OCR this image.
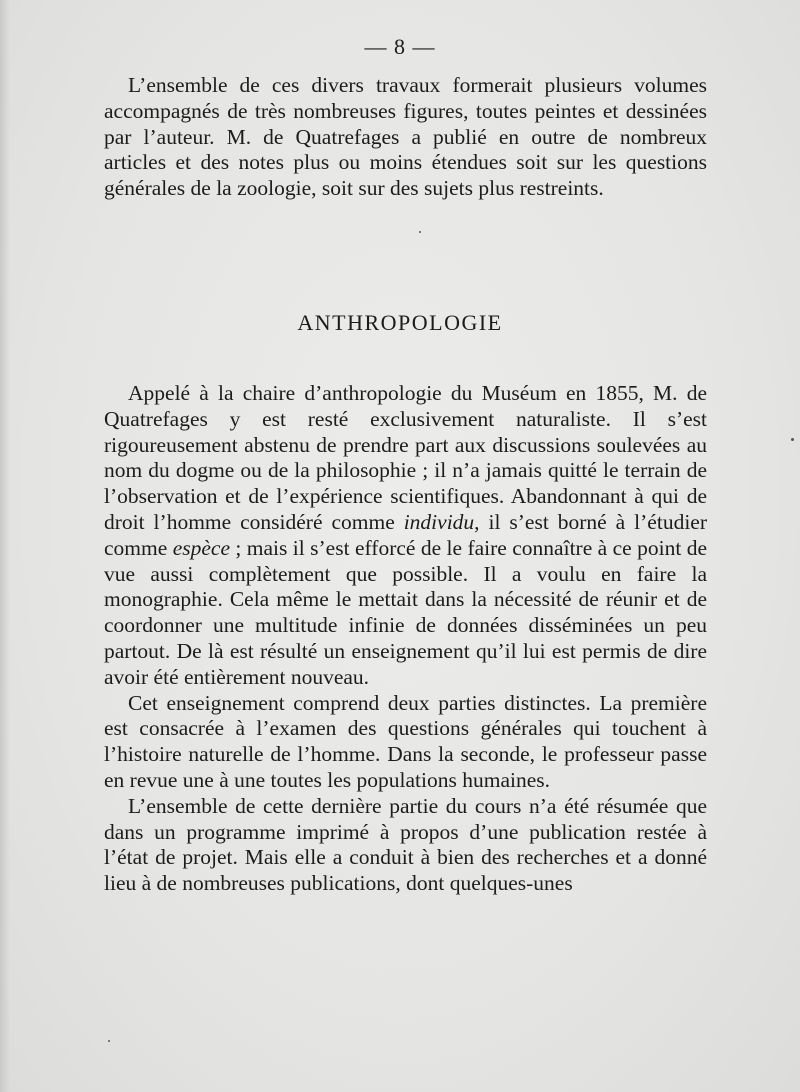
— 8 —

L’ensemble de ces divers travaux formerait plusieurs volumes accompagnés de très nombreuses figures, toutes peintes et dessinées par l’auteur. M. de Quatrefages a publié en outre de nombreux articles et des notes plus ou moins étendues soit sur les questions générales de la zoologie, soit sur des sujets plus restreints.

ANTHROPOLOGIE

Appelé à la chaire d’anthropologie du Muséum en 1855, M. de Quatrefages y est resté exclusivement naturaliste. Il s’est rigoureusement abstenu de prendre part aux discussions soulevées au nom du dogme ou de la philosophie ; il n’a jamais quitté le terrain de l’observation et de l’expérience scientifiques. Abandonnant à qui de droit l’homme considéré comme individu, il s’est borné à l’étudier comme espèce ; mais il s’est efforcé de le faire connaître à ce point de vue aussi complètement que possible. Il a voulu en faire la monographie. Cela même le mettait dans la nécessité de réunir et de coordonner une multitude infinie de données disséminées un peu partout. De là est résulté un enseignement qu’il lui est permis de dire avoir été entièrement nouveau.

Cet enseignement comprend deux parties distinctes. La première est consacrée à l’examen des questions générales qui touchent à l’histoire naturelle de l’homme. Dans la seconde, le professeur passe en revue une à une toutes les populations humaines.

L’ensemble de cette dernière partie du cours n’a été résumée que dans un programme imprimé à propos d’une publication restée à l’état de projet. Mais elle a conduit à bien des recherches et a donné lieu à de nombreuses publications, dont quelques-unes
